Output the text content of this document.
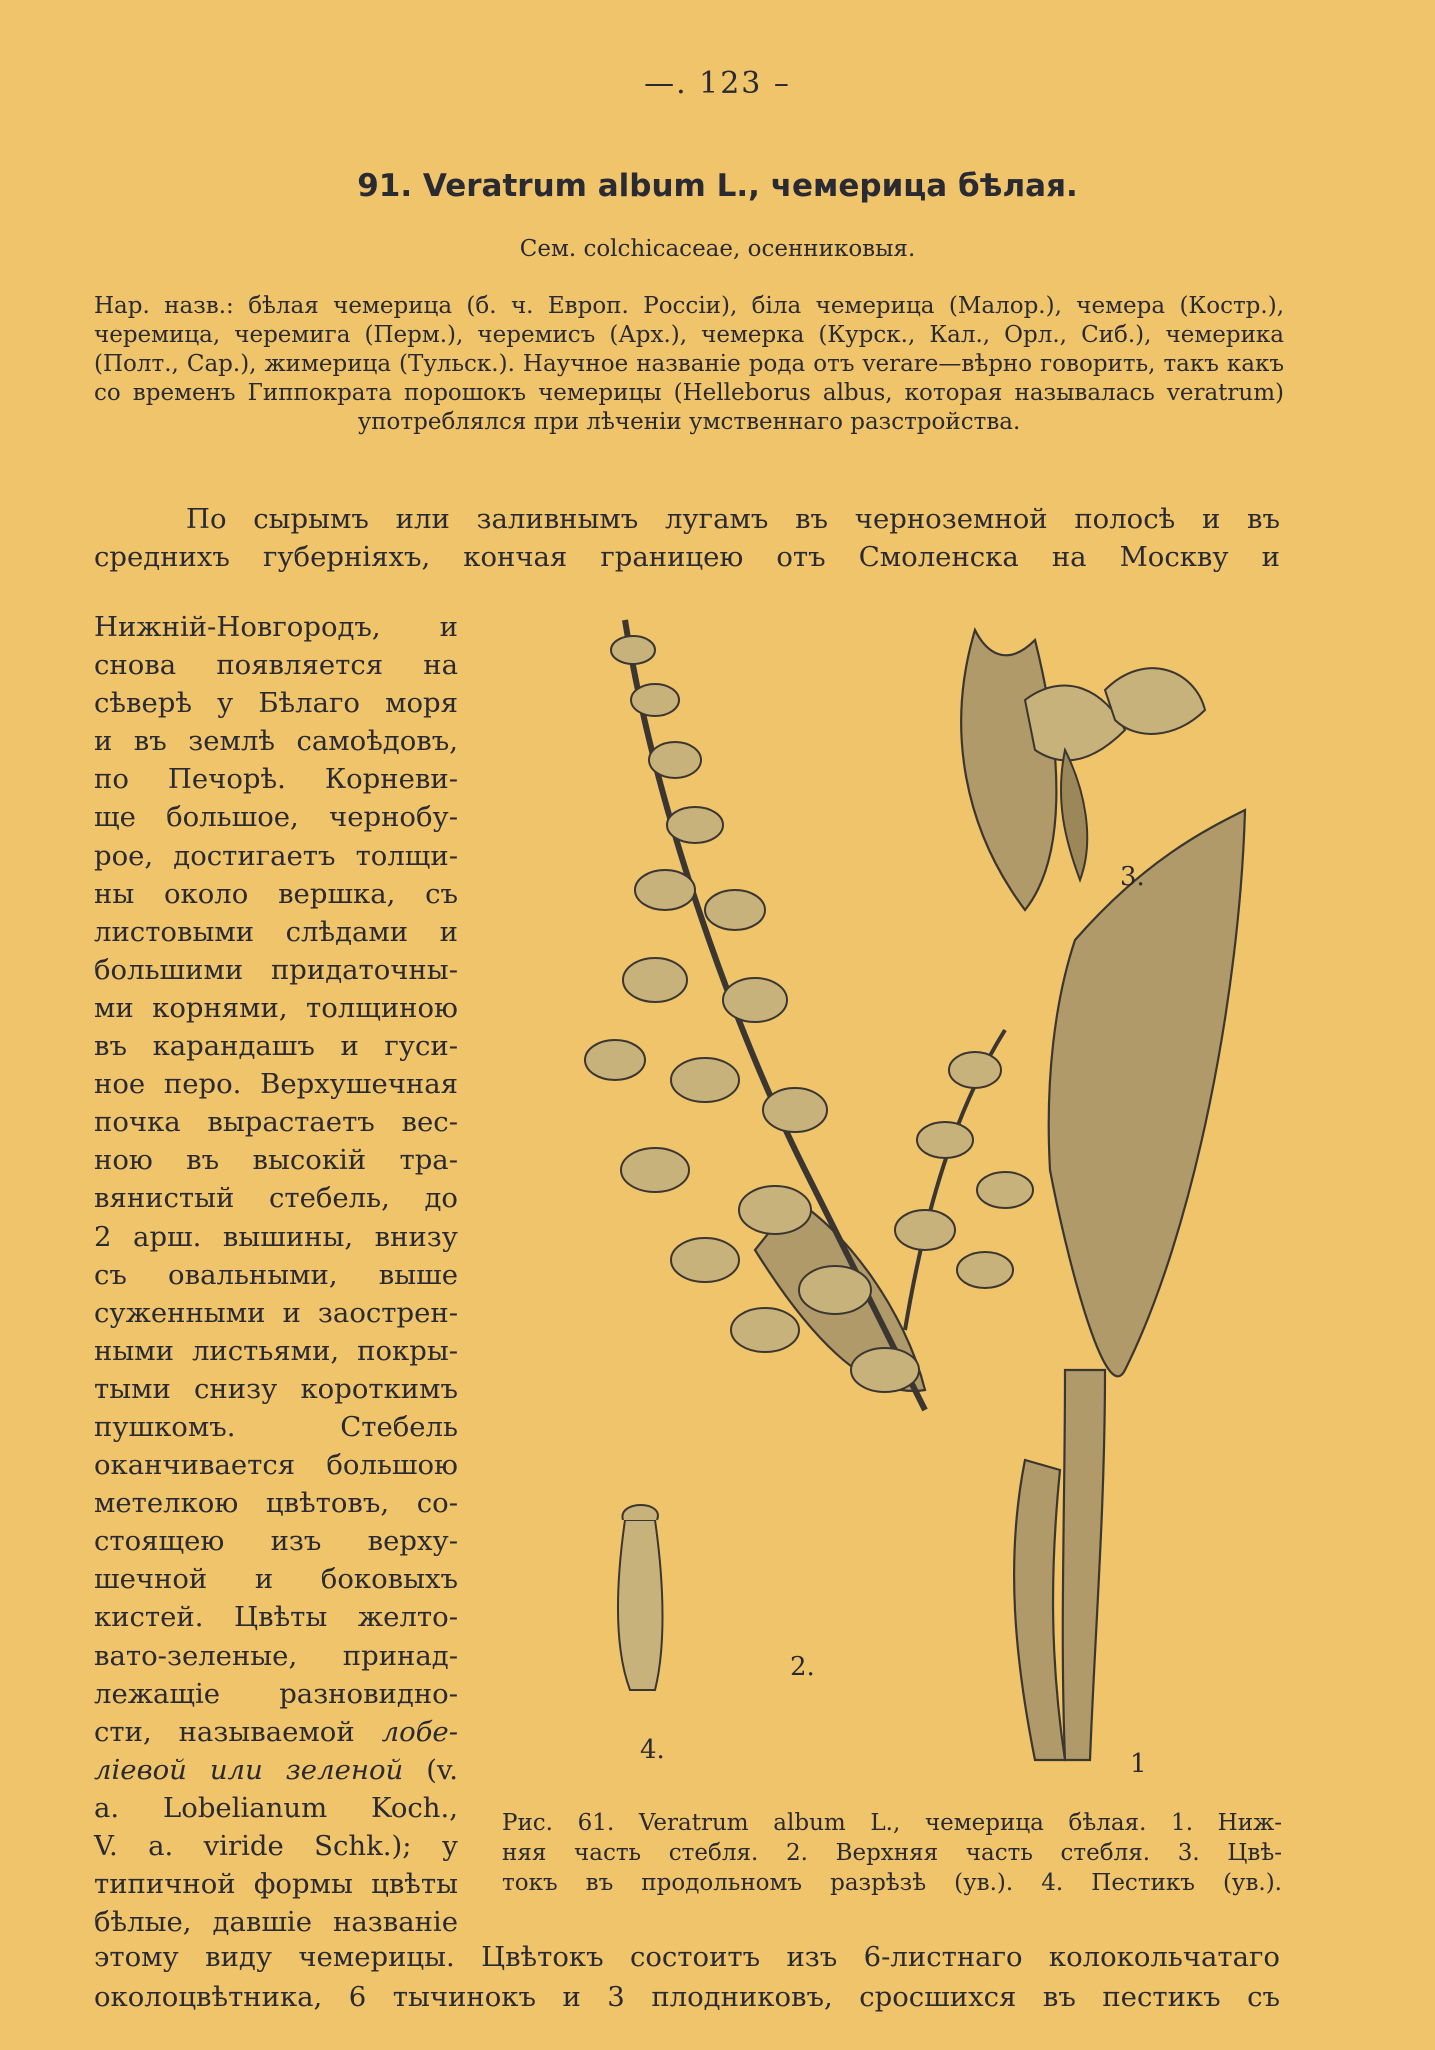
—. 123 –
91. Veratrum album L., чемерица бѣлая.
Сем. colchicaceae, осенниковыя.
Нар. назв.: бѣлая чемерица (б. ч. Европ. Россіи), біла чемерица (Малор.), чемера (Костр.), черемица, черемига (Перм.), черемисъ (Арх.), чемерка (Курск., Кал., Орл., Сиб.), чемерика (Полт., Сар.), жимерица (Тульск.). Научное названіе рода отъ verare—вѣрно говорить, такъ какъ со временъ Гиппократа порошокъ чемерицы (Helleborus albus, которая называлась veratrum) употреблялся при лѣченіи умственнаго разстройства.
По сырымъ или заливнымъ лугамъ въ черноземной полосѣ и въ
среднихъ губерніяхъ, кончая границею отъ Смоленска на Москву и
Нижній-Новгородъ, и
снова появляется на
сѣверѣ у Бѣлаго моря
и въ землѣ самоѣдовъ,
по Печорѣ. Корневи-
ще большое, чернобу-
рое, достигаетъ толщи-
ны около вершка, съ
листовыми слѣдами и
большими придаточны-
ми корнями, толщиною
въ карандашъ и гуси-
ное перо. Верхушечная
почка вырастаетъ вес-
ною въ высокій тра-
вянистый стебель, до
2 арш. вышины, внизу
съ овальными, выше
суженными и заострен-
ными листьями, покры-
тыми снизу короткимъ
пушкомъ. Стебель
оканчивается большою
метелкою цвѣтовъ, со-
стоящею изъ верху-
шечной и боковыхъ
кистей. Цвѣты желто-
вато-зеленые, принад-
лежащіе разновидно-
сти, называемой лобе-
ліевой или зеленой (v.
a. Lobelianum Koch.,
V. a. viride Schk.); у
типичной формы цвѣты
бѣлые, давшіе названіе
3.
2.
4.	1
Рис. 61. Veratrum album L., чемерица бѣлая. 1. Ниж-
няя часть стебля. 2. Верхняя часть стебля. 3. Цвѣ-
токъ въ продольномъ разрѣзѣ (ув.). 4. Пестикъ (ув.).
этому виду чемерицы. Цвѣтокъ состоитъ изъ 6-листнаго колокольчатаго
околоцвѣтника, 6 тычинокъ и 3 плодниковъ, сросшихся въ пестикъ съ
